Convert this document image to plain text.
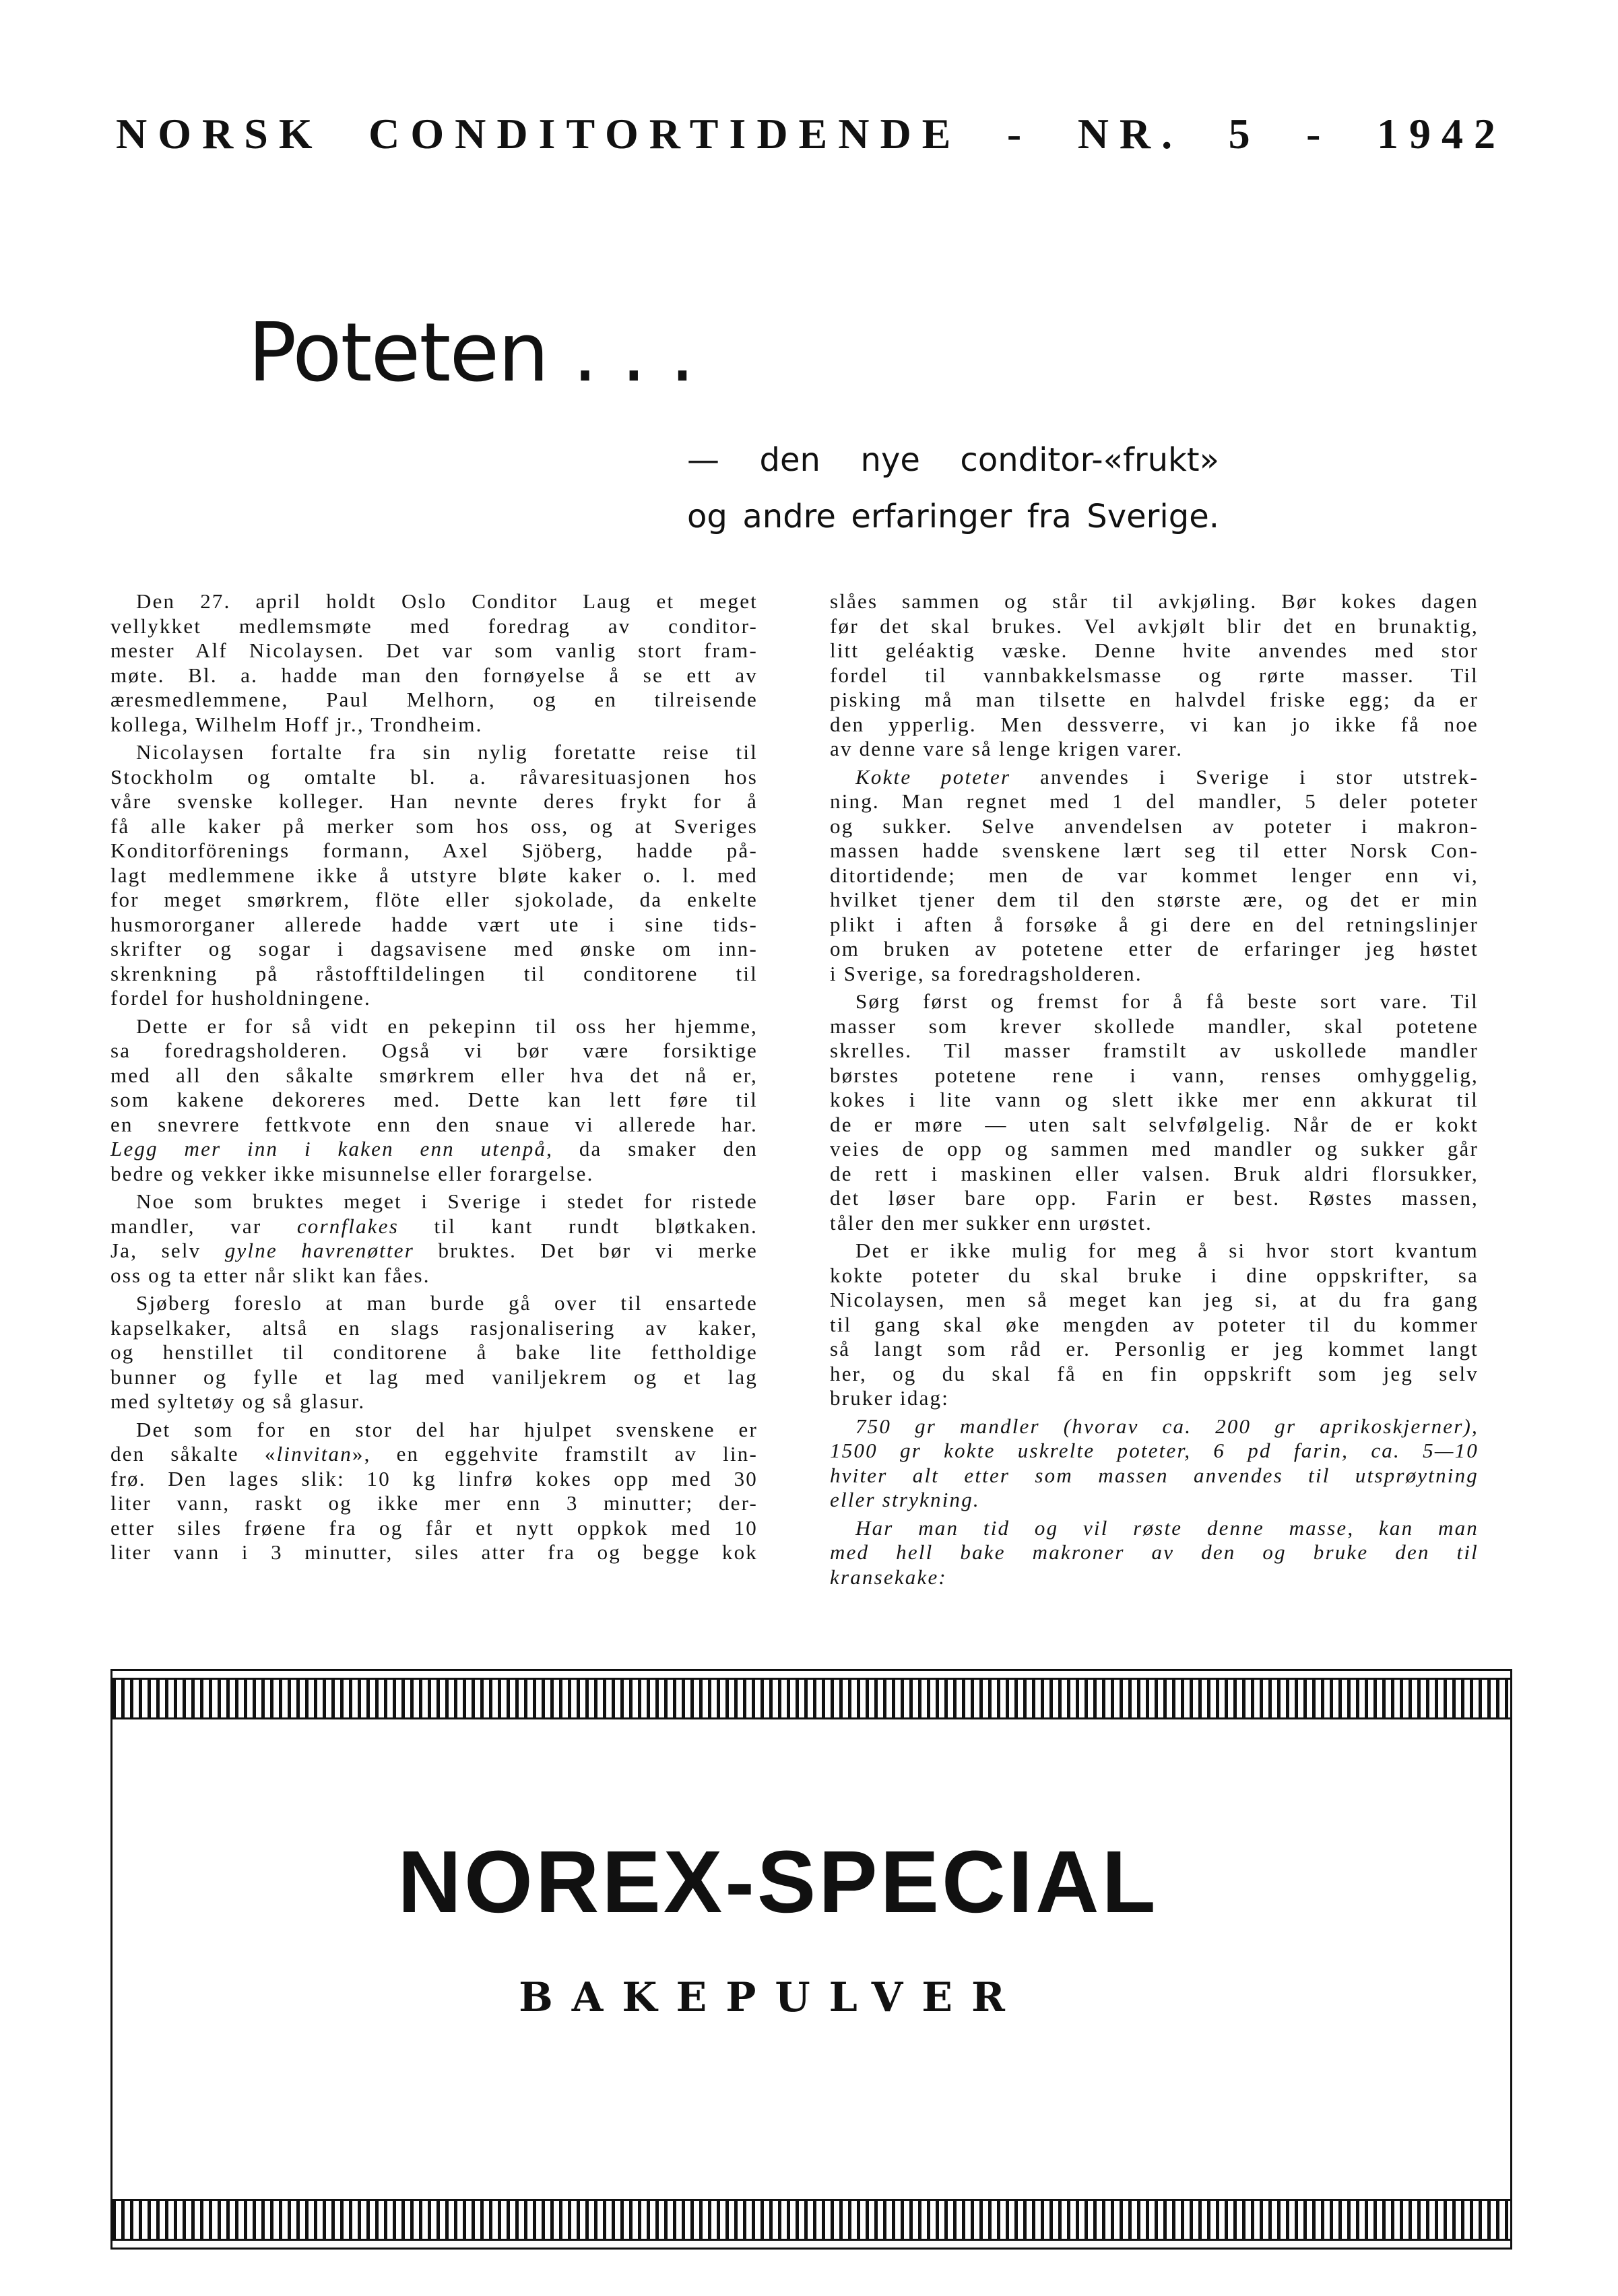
NORSK CONDITORTIDENDE - NR. 5 - 1942
Poteten . . .
— den nye conditor-«frukt»
og andre erfaringer fra Sverige.
Den 27. april holdt Oslo Conditor Laug et meget
vellykket medlemsmøte med foredrag av conditor-
mester Alf Nicolaysen. Det var som vanlig stort fram-
møte. Bl. a. hadde man den fornøyelse å se ett av
æresmedlemmene, Paul Melhorn, og en tilreisende
kollega, Wilhelm Hoff jr., Trondheim.
Nicolaysen fortalte fra sin nylig foretatte reise til
Stockholm og omtalte bl. a. råvaresituasjonen hos
våre svenske kolleger. Han nevnte deres frykt for å
få alle kaker på merker som hos oss, og at Sveriges
Konditorförenings formann, Axel Sjöberg, hadde på-
lagt medlemmene ikke å utstyre bløte kaker o. l. med
for meget smørkrem, flöte eller sjokolade, da enkelte
husmororganer allerede hadde vært ute i sine tids-
skrifter og sogar i dagsavisene med ønske om inn-
skrenkning på råstofftildelingen til conditorene til
fordel for husholdningene.
Dette er for så vidt en pekepinn til oss her hjemme,
sa foredragsholderen. Også vi bør være forsiktige
med all den såkalte smørkrem eller hva det nå er,
som kakene dekoreres med. Dette kan lett føre til
en snevrere fettkvote enn den snaue vi allerede har.
Legg mer inn i kaken enn utenpå, da smaker den
bedre og vekker ikke misunnelse eller forargelse.
Noe som bruktes meget i Sverige i stedet for ristede
mandler, var cornflakes til kant rundt bløtkaken.
Ja, selv gylne havrenøtter bruktes. Det bør vi merke
oss og ta etter når slikt kan fåes.
Sjøberg foreslo at man burde gå over til ensartede
kapselkaker, altså en slags rasjonalisering av kaker,
og henstillet til conditorene å bake lite fettholdige
bunner og fylle et lag med vaniljekrem og et lag
med syltetøy og så glasur.
Det som for en stor del har hjulpet svenskene er
den såkalte «linvitan», en eggehvite framstilt av lin-
frø. Den lages slik: 10 kg linfrø kokes opp med 30
liter vann, raskt og ikke mer enn 3 minutter; der-
etter siles frøene fra og får et nytt oppkok med 10
liter vann i 3 minutter, siles atter fra og begge kok
slåes sammen og står til avkjøling. Bør kokes dagen
før det skal brukes. Vel avkjølt blir det en brunaktig,
litt geléaktig væske. Denne hvite anvendes med stor
fordel til vannbakkelsmasse og rørte masser. Til
pisking må man tilsette en halvdel friske egg; da er
den ypperlig. Men dessverre, vi kan jo ikke få noe
av denne vare så lenge krigen varer.
Kokte poteter anvendes i Sverige i stor utstrek-
ning. Man regnet med 1 del mandler, 5 deler poteter
og sukker. Selve anvendelsen av poteter i makron-
massen hadde svenskene lært seg til etter Norsk Con-
ditortidende; men de var kommet lenger enn vi,
hvilket tjener dem til den største ære, og det er min
plikt i aften å forsøke å gi dere en del retningslinjer
om bruken av potetene etter de erfaringer jeg høstet
i Sverige, sa foredragsholderen.
Sørg først og fremst for å få beste sort vare. Til
masser som krever skollede mandler, skal potetene
skrelles. Til masser framstilt av uskollede mandler
børstes potetene rene i vann, renses omhyggelig,
kokes i lite vann og slett ikke mer enn akkurat til
de er møre — uten salt selvfølgelig. Når de er kokt
veies de opp og sammen med mandler og sukker går
de rett i maskinen eller valsen. Bruk aldri florsukker,
det løser bare opp. Farin er best. Røstes massen,
tåler den mer sukker enn urøstet.
Det er ikke mulig for meg å si hvor stort kvantum
kokte poteter du skal bruke i dine oppskrifter, sa
Nicolaysen, men så meget kan jeg si, at du fra gang
til gang skal øke mengden av poteter til du kommer
så langt som råd er. Personlig er jeg kommet langt
her, og du skal få en fin oppskrift som jeg selv
bruker idag:
750 gr mandler (hvorav ca. 200 gr aprikoskjerner),
1500 gr kokte uskrelte poteter, 6 pd farin, ca. 5—10
hviter alt etter som massen anvendes til utsprøytning
eller strykning.
Har man tid og vil røste denne masse, kan man
med hell bake makroner av den og bruke den til
kransekake:
NOREX-SPECIAL
BAKEPULVER
